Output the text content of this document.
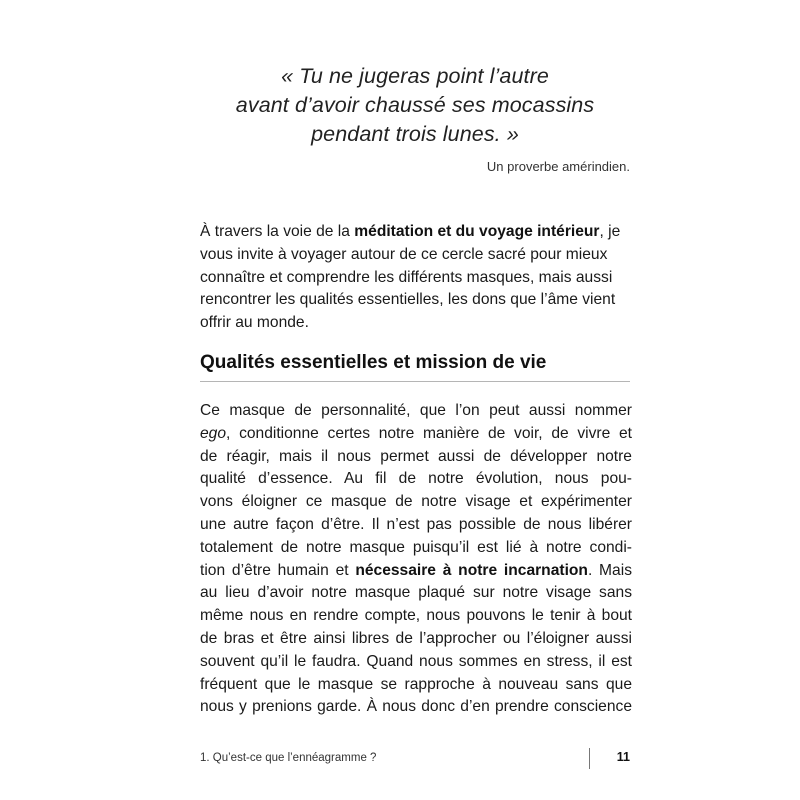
« Tu ne jugeras point l’autre
avant d’avoir chaussé ses mocassins
pendant trois lunes. »
Un proverbe amérindien.
À travers la voie de la méditation et du voyage intérieur, je
vous invite à voyager autour de ce cercle sacré pour mieux
connaître et comprendre les différents masques, mais aussi
rencontrer les qualités essentielles, les dons que l’âme vient
offrir au monde.
Qualités essentielles et mission de vie
Ce masque de personnalité, que l’on peut aussi nommer
ego, conditionne certes notre manière de voir, de vivre et
de réagir, mais il nous permet aussi de développer notre
qualité d’essence. Au fil de notre évolution, nous pou-
vons éloigner ce masque de notre visage et expérimenter
une autre façon d’être. Il n’est pas possible de nous libérer
totalement de notre masque puisqu’il est lié à notre condi-
tion d’être humain et nécessaire à notre incarnation. Mais
au lieu d’avoir notre masque plaqué sur notre visage sans
même nous en rendre compte, nous pouvons le tenir à bout
de bras et être ainsi libres de l’approcher ou l’éloigner aussi
souvent qu’il le faudra. Quand nous sommes en stress, il est
fréquent que le masque se rapproche à nouveau sans que
nous y prenions garde. À nous donc d’en prendre conscience
1. Qu’est-ce que l’ennéagramme ?	11
